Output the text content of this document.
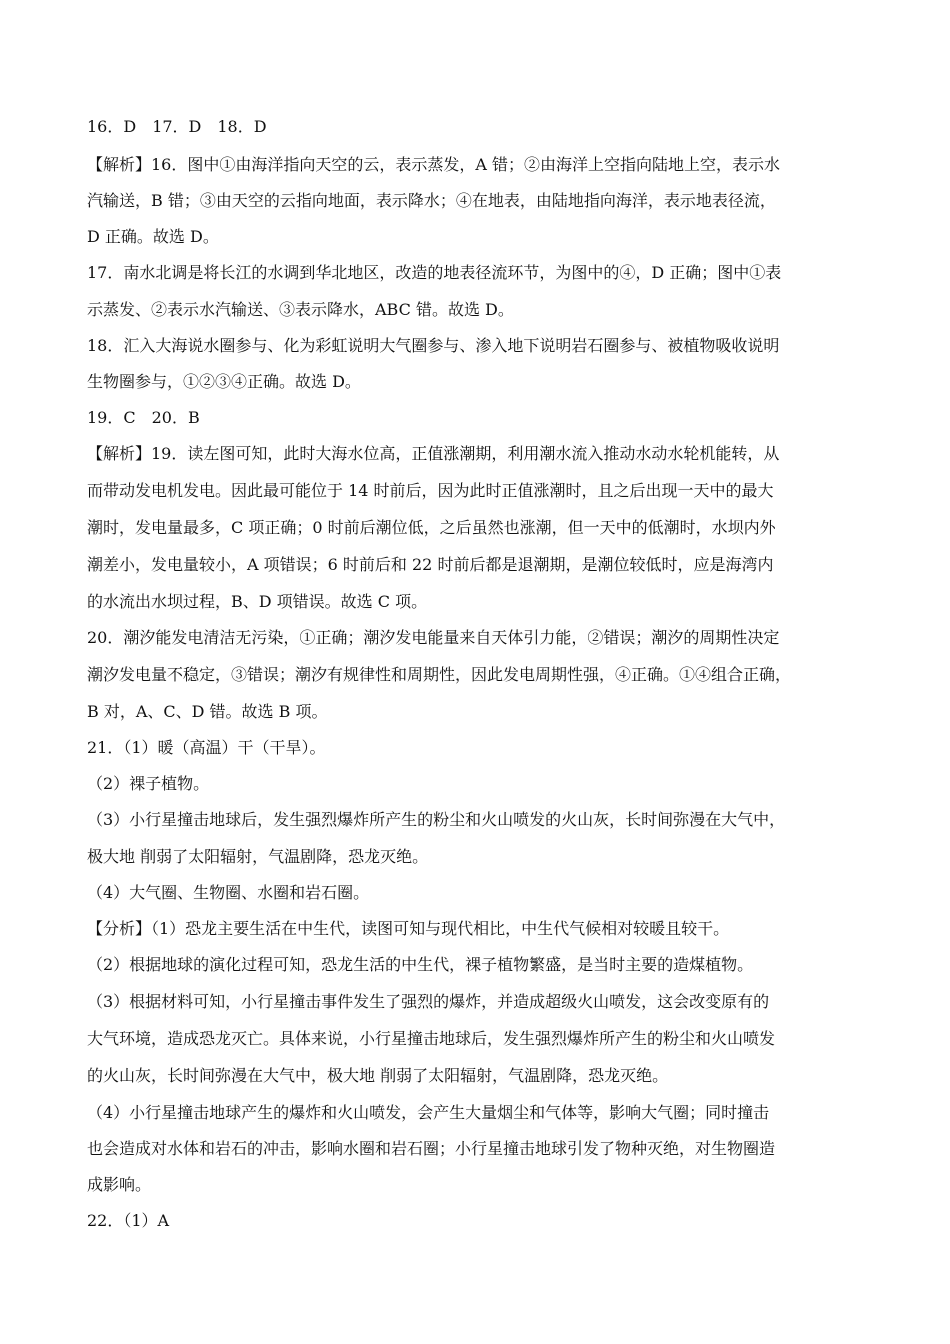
16．D　17．D　18．D
【解析】16．图中①由海洋指向天空的云，表示蒸发，A 错；②由海洋上空指向陆地上空，表示水
汽输送，B 错；③由天空的云指向地面，表示降水；④在地表，由陆地指向海洋，表示地表径流，
D 正确。故选 D。
17．南水北调是将长江的水调到华北地区，改造的地表径流环节，为图中的④，D 正确；图中①表
示蒸发、②表示水汽输送、③表示降水，ABC 错。故选 D。
18．汇入大海说水圈参与、化为彩虹说明大气圈参与、渗入地下说明岩石圈参与、被植物吸收说明
生物圈参与，①②③④正确。故选 D。
19．C　20．B
【解析】19．读左图可知，此时大海水位高，正值涨潮期，利用潮水流入推动水动水轮机能转，从
而带动发电机发电。因此最可能位于 14 时前后，因为此时正值涨潮时，且之后出现一天中的最大
潮时，发电量最多，C 项正确；0 时前后潮位低，之后虽然也涨潮，但一天中的低潮时，水坝内外
潮差小，发电量较小，A 项错误；6 时前后和 22 时前后都是退潮期，是潮位较低时，应是海湾内
的水流出水坝过程，B、D 项错误。故选 C 项。
20．潮汐能发电清洁无污染，①正确；潮汐发电能量来自天体引力能，②错误；潮汐的周期性决定
潮汐发电量不稳定，③错误；潮汐有规律性和周期性，因此发电周期性强，④正确。①④组合正确，
B 对，A、C、D 错。故选 B 项。
21．（1）暖（高温）干（干旱）。
（2）裸子植物。
（3）小行星撞击地球后，发生强烈爆炸所产生的粉尘和火山喷发的火山灰，长时间弥漫在大气中，
极大地 削弱了太阳辐射，气温剧降，恐龙灭绝。
（4）大气圈、生物圈、水圈和岩石圈。
【分析】（1）恐龙主要生活在中生代，读图可知与现代相比，中生代气候相对较暖且较干。
（2）根据地球的演化过程可知，恐龙生活的中生代，裸子植物繁盛，是当时主要的造煤植物。
（3）根据材料可知，小行星撞击事件发生了强烈的爆炸，并造成超级火山喷发，这会改变原有的
大气环境，造成恐龙灭亡。具体来说，小行星撞击地球后，发生强烈爆炸所产生的粉尘和火山喷发
的火山灰，长时间弥漫在大气中，极大地 削弱了太阳辐射，气温剧降，恐龙灭绝。
（4）小行星撞击地球产生的爆炸和火山喷发，会产生大量烟尘和气体等，影响大气圈；同时撞击
也会造成对水体和岩石的冲击，影响水圈和岩石圈；小行星撞击地球引发了物种灭绝，对生物圈造
成影响。
22．（1）A
